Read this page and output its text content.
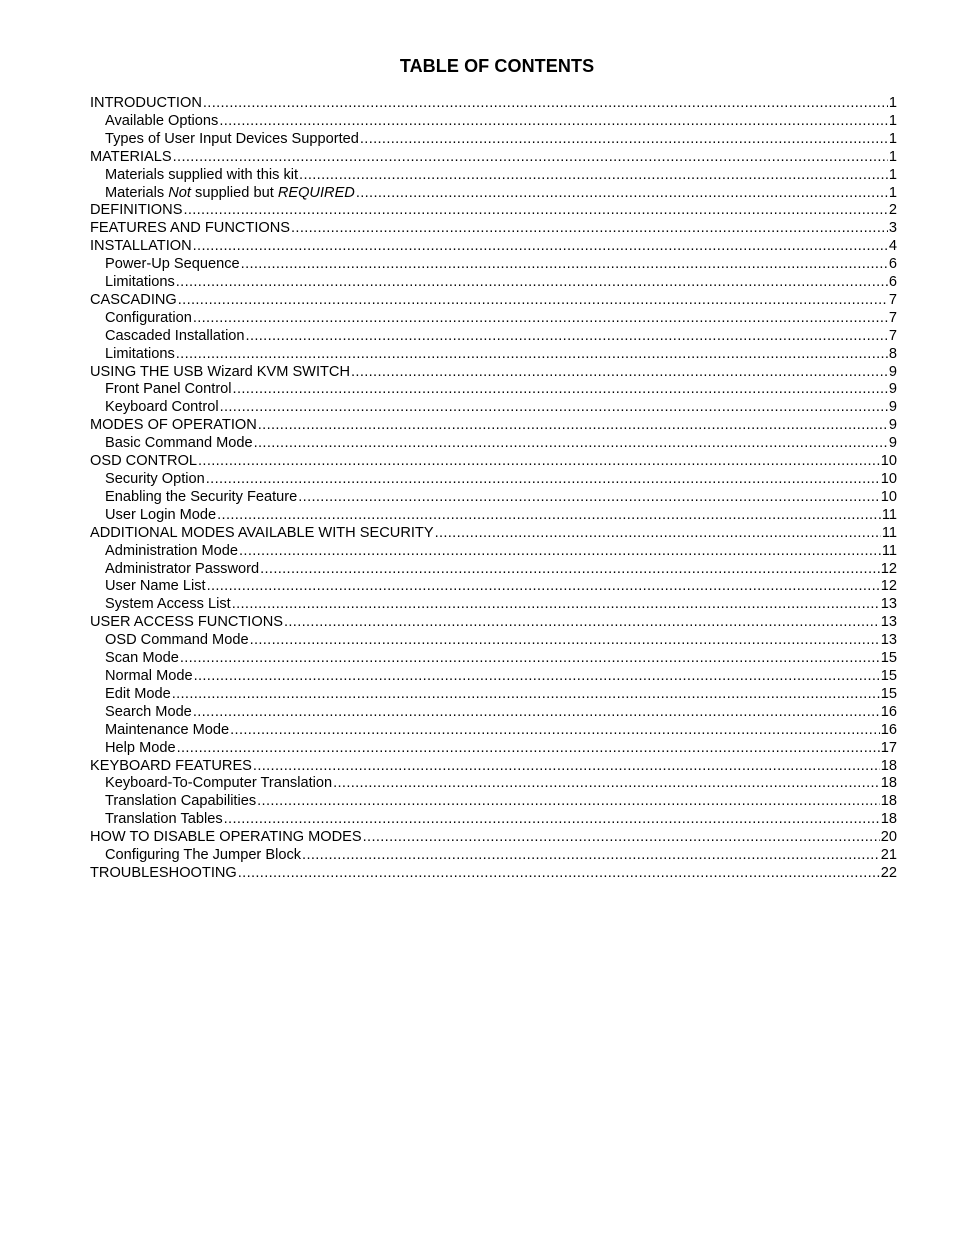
TABLE OF CONTENTS
INTRODUCTION .....	1
Available Options .....	1
Types of User Input Devices Supported .....	1
MATERIALS .....	1
Materials supplied with this kit .....	1
Materials Not supplied but REQUIRED .....	1
DEFINITIONS .....	2
FEATURES AND FUNCTIONS .....	3
INSTALLATION .....	4
Power-Up Sequence .....	6
Limitations .....	6
CASCADING .....	7
Configuration .....	7
Cascaded Installation .....	7
Limitations .....	8
USING THE USB Wizard KVM SWITCH .....	9
Front Panel Control .....	9
Keyboard Control .....	9
MODES OF OPERATION .....	9
Basic Command Mode .....	9
OSD CONTROL .....	10
Security Option .....	10
Enabling the Security Feature .....	10
User Login Mode .....	11
ADDITIONAL MODES AVAILABLE WITH SECURITY .....	11
Administration Mode .....	11
Administrator Password .....	12
User Name List .....	12
System Access List .....	13
USER ACCESS FUNCTIONS .....	13
OSD Command Mode .....	13
Scan Mode .....	15
Normal Mode .....	15
Edit Mode .....	15
Search Mode .....	16
Maintenance Mode .....	16
Help Mode .....	17
KEYBOARD FEATURES .....	18
Keyboard-To-Computer Translation .....	18
Translation Capabilities .....	18
Translation Tables .....	18
HOW TO DISABLE OPERATING MODES .....	20
Configuring The Jumper Block .....	21
TROUBLESHOOTING .....	22
